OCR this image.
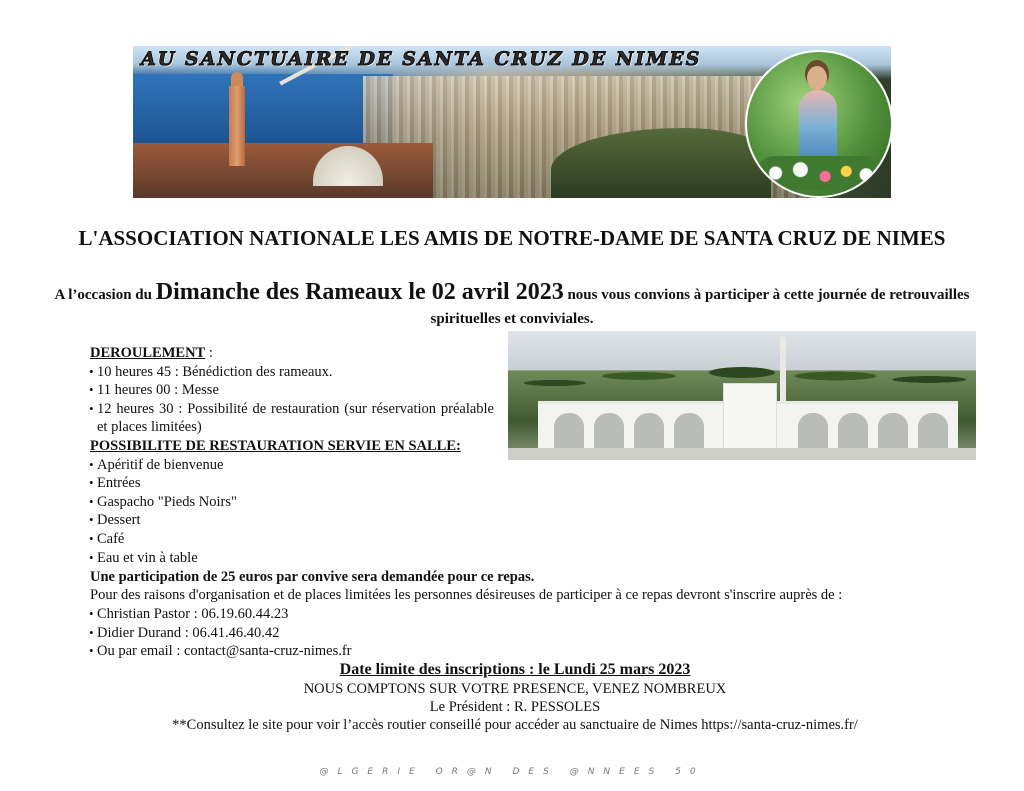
AU SANCTUAIRE DE SANTA CRUZ DE NIMES
L'ASSOCIATION NATIONALE LES AMIS DE NOTRE-DAME DE SANTA CRUZ DE NIMES
A l’occasion du Dimanche des Rameaux le 02 avril 2023 nous vous convions à participer à cette journée de retrouvailles spirituelles et conviviales.
DEROULEMENT :
• 10 heures 45 : Bénédiction des rameaux.
• 11 heures 00 : Messe
• 12 heures 30 : Possibilité de restauration (sur réservation préalable et places limitées)
POSSIBILITE DE RESTAURATION SERVIE EN SALLE:
• Apéritif de bienvenue
• Entrées
• Gaspacho "Pieds Noirs"
• Dessert
• Café
• Eau et vin à table
Une participation de 25 euros par convive sera demandée pour ce repas.
Pour des raisons d'organisation et de places limitées les personnes désireuses de participer à ce repas devront s'inscrire auprès de :
• Christian Pastor : 06.19.60.44.23
• Didier Durand : 06.41.46.40.42
• Ou par email : contact@santa-cruz-nimes.fr
Date limite des inscriptions : le Lundi 25 mars 2023
NOUS COMPTONS SUR VOTRE PRESENCE, VENEZ NOMBREUX
Le Président : R. PESSOLES
**Consultez le site pour voir l’accès routier conseillé pour accéder au sanctuaire de Nimes https://santa-cruz-nimes.fr/
@LGERIE OR@N DES @NNEES 50
